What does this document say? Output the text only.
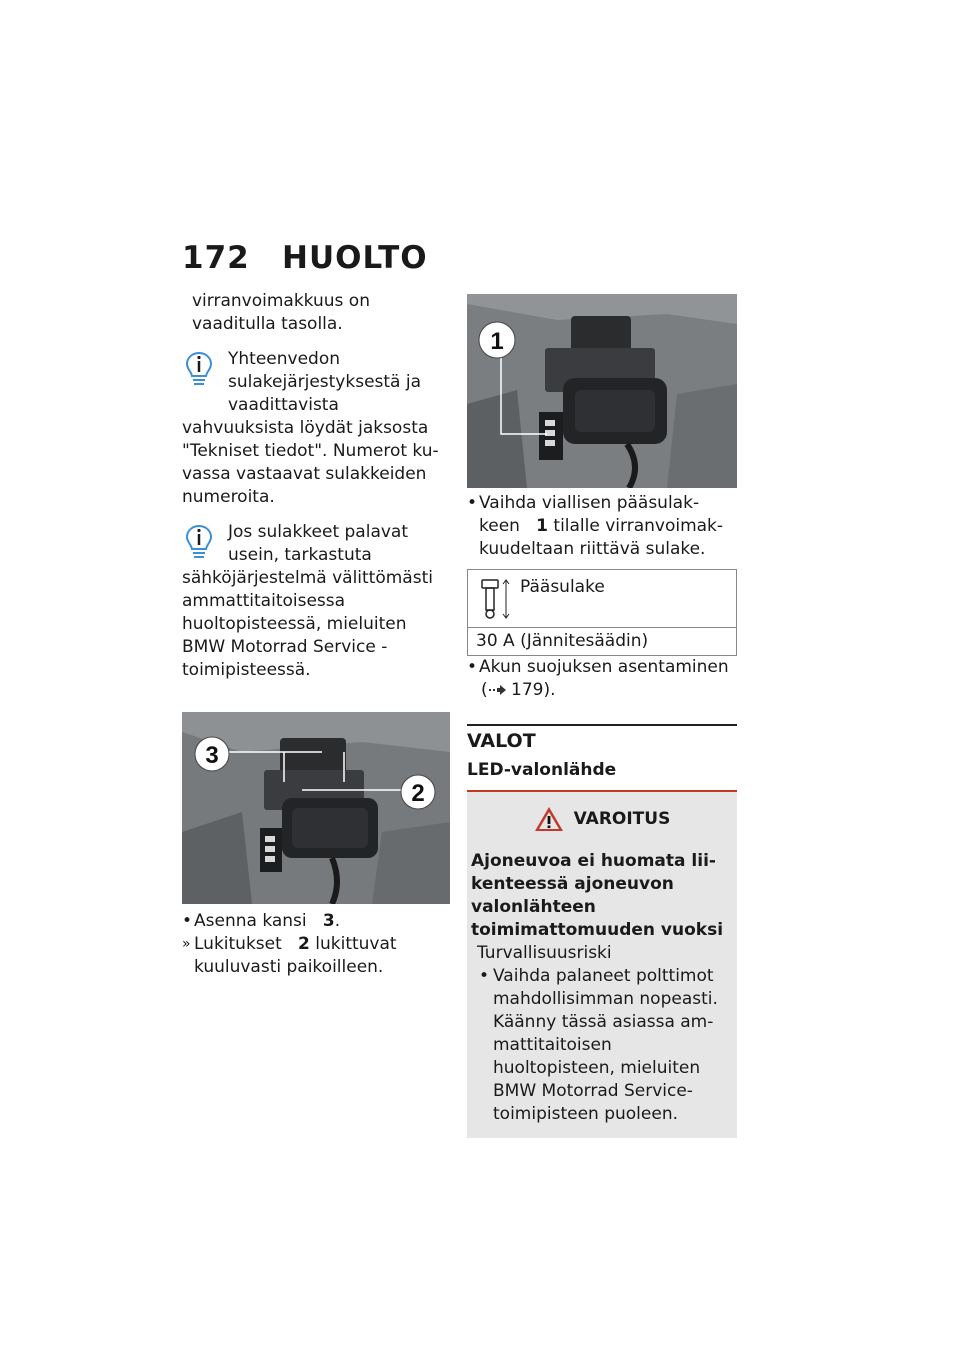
172 HUOLTO

virranvoimakkuus on vaaditulla tasolla.

Yhteenvedon sulakejärjestyksestä ja vaadittavista

vahvuuksista löydät jaksosta "Tekniset tiedot". Numerot kuvassa vastaavat sulakkeiden numeroita.

Jos sulakkeet palavat usein, tarkastuta

sähköjärjestelmä välittömästi ammattitaitoisessa huoltopisteessä, mieluiten BMW Motorrad Service toimipisteessä.

3
2

• Asenna kansi 3.

» Lukitukset 2 lukittuvat kuuluvasti paikoilleen.

1

• Vaihda viallisen pääsulakkeen 1 tilalle virranvoimakkuudeltaan riittävä sulake.

Pääsulake
30 A (Jännitesäädin)

• Akun suojuksen asentaminen

( 179).

VALOT
LED-valonlähde
VAROITUS

Ajoneuvoa ei huomata liikenteessä ajoneuvon valonlähteen toimimattomuuden vuoksi

Turvallisuusriski

• Vaihda palaneet polttimot mahdollisimman nopeasti. Käänny tässä asiassa ammattitaitoisen huoltopisteen, mieluiten BMW Motorrad Service-toimipisteen puoleen.
